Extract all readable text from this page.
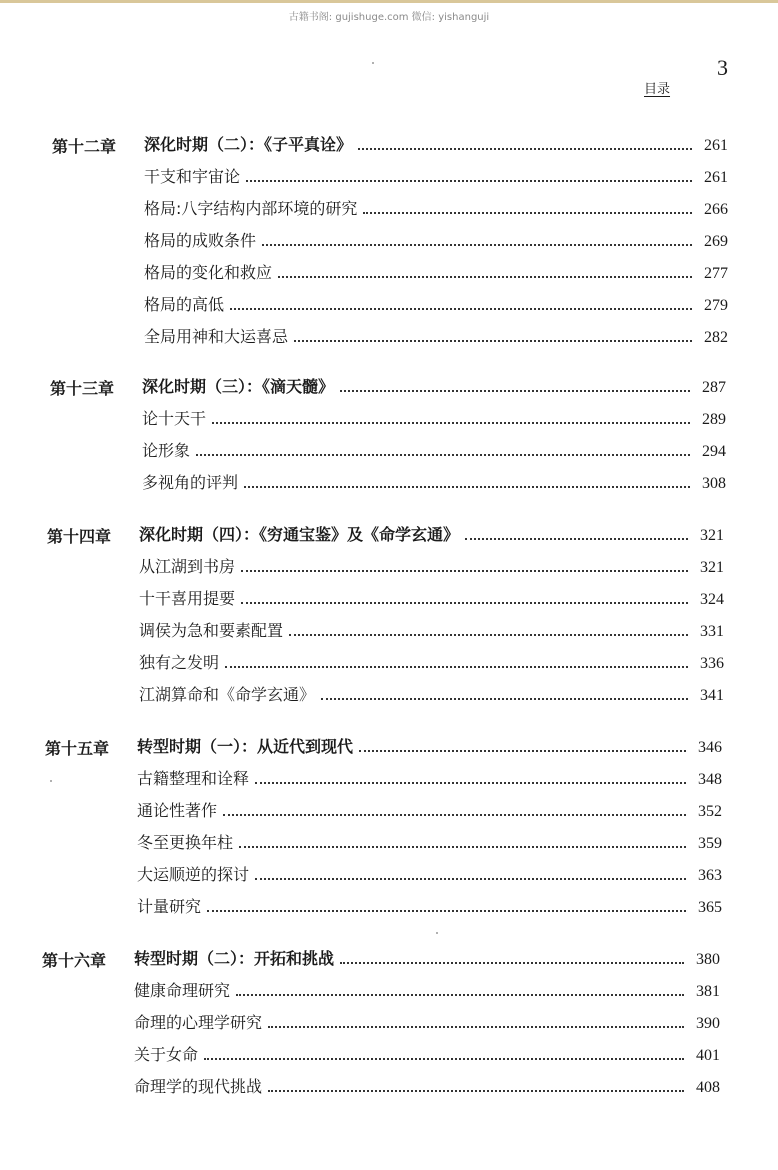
古籍书阁: gujishuge.com 微信: yishanguji
3
目录
第十二章 深化时期（二）：《子平真诠》	261
干支和宇宙论	261
格局:八字结构内部环境的研究	266
格局的成败条件	269
格局的变化和救应	277
格局的高低	279
全局用神和大运喜忌	282
第十三章 深化时期（三）：《滴天髓》	287
论十天干	289
论形象	294
多视角的评判	308
第十四章 深化时期（四）：《穷通宝鉴》及《命学玄通》	321
从江湖到书房	321
十干喜用提要	324
调侯为急和要素配置	331
独有之发明	336
江湖算命和《命学玄通》	341
第十五章 转型时期（一）：从近代到现代	346
古籍整理和诠释	348
通论性著作	352
冬至更换年柱	359
大运顺逆的探讨	363
计量研究	365
第十六章 转型时期（二）：开拓和挑战	380
健康命理研究	381
命理的心理学研究	390
关于女命	401
命理学的现代挑战	408
